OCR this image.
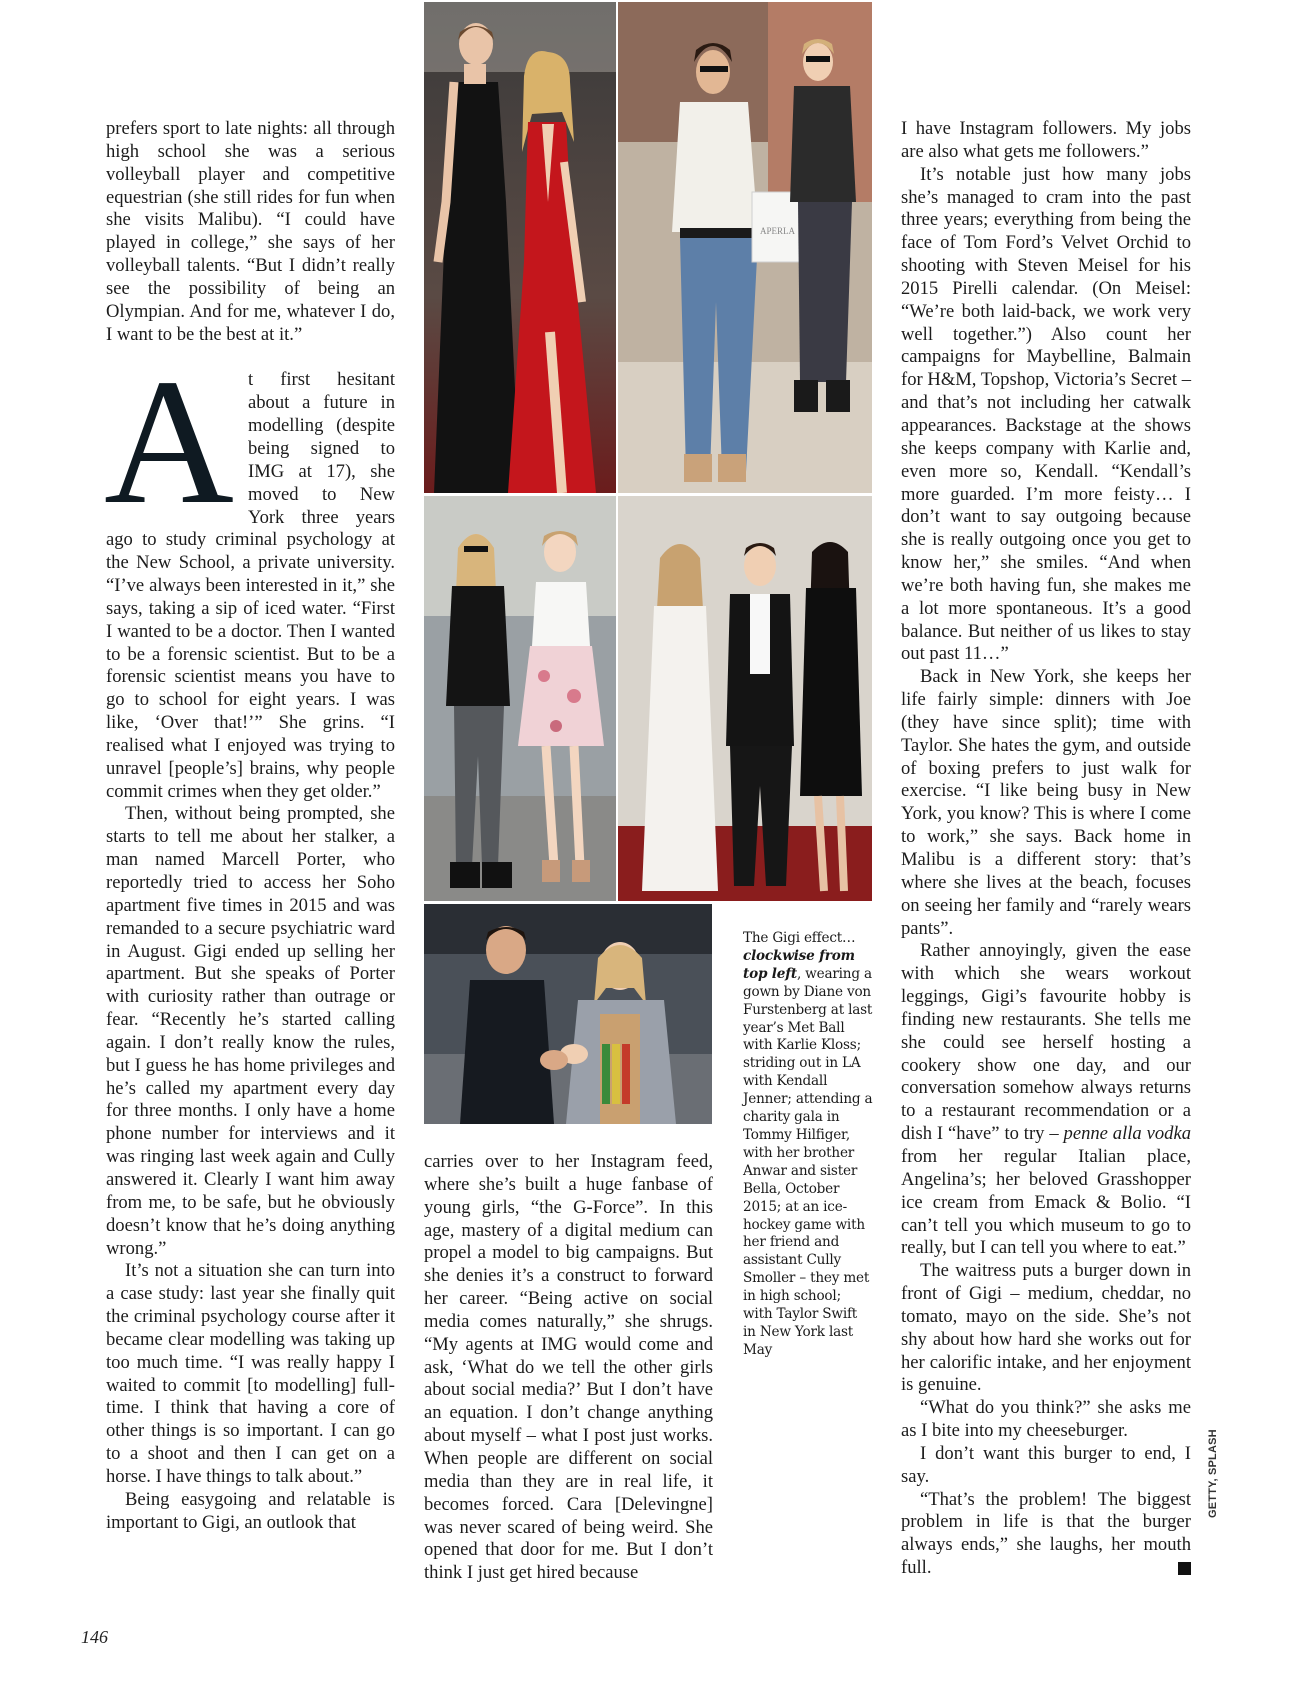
prefers sport to late nights: all through high school she was a serious volleyball player and competitive equestrian (she still rides for fun when she visits Malibu). “I could have played in college,” she says of her volleyball talents. “But I didn’t really see the possibility of being an Olympian. And for me, whatever I do, I want to be the best at it.”

At first hesitant about a future in modelling (despite being signed to IMG at 17), she moved to New York three years ago to study criminal psychology at the New School, a private university. “I’ve always been interested in it,” she says, taking a sip of iced water. “First I wanted to be a doctor. Then I wanted to be a forensic scientist. But to be a forensic scientist means you have to go to school for eight years. I was like, ‘Over that!’” She grins. “I realised what I enjoyed was trying to unravel [people’s] brains, why people commit crimes when they get older.”

Then, without being prompted, she starts to tell me about her stalker, a man named Marcell Porter, who reportedly tried to access her Soho apartment five times in 2015 and was remanded to a secure psychiatric ward in August. Gigi ended up selling her apartment. But she speaks of Porter with curiosity rather than outrage or fear. “Recently he’s started calling again. I don’t really know the rules, but I guess he has home privileges and he’s called my apartment every day for three months. I only have a home phone number for interviews and it was ringing last week again and Cully answered it. Clearly I want him away from me, to be safe, but he obviously doesn’t know that he’s doing anything wrong.”

It’s not a situation she can turn into a case study: last year she finally quit the criminal psychology course after it became clear modelling was taking up too much time. “I was really happy I waited to commit [to modelling] full-time. I think that having a core of other things is so important. I can go to a shoot and then I can get on a horse. I have things to talk about.”

Being easygoing and relatable is important to Gigi, an outlook that

APERLA
The Gigi effect… clockwise from top left, wearing a gown by Diane von Furstenberg at last year’s Met Ball with Karlie Kloss; striding out in LA with Kendall Jenner; attending a charity gala in Tommy Hilfiger, with her brother Anwar and sister Bella, October 2015; at an ice-hockey game with her friend and assistant Cully Smoller – they met in high school; with Taylor Swift in New York last May

carries over to her Instagram feed, where she’s built a huge fanbase of young girls, “the G-Force”. In this age, mastery of a digital medium can propel a model to big campaigns. But she denies it’s a construct to forward her career. “Being active on social media comes naturally,” she shrugs. “My agents at IMG would come and ask, ‘What do we tell the other girls about social media?’ But I don’t have an equation. I don’t change anything about myself – what I post just works. When people are different on social media than they are in real life, it becomes forced. Cara [Delevingne] was never scared of being weird. She opened that door for me. But I don’t think I just get hired because

I have Instagram followers. My jobs are also what gets me followers.”

It’s notable just how many jobs she’s managed to cram into the past three years; everything from being the face of Tom Ford’s Velvet Orchid to shooting with Steven Meisel for his 2015 Pirelli calendar. (On Meisel: “We’re both laid-back, we work very well together.”) Also count her campaigns for Maybelline, Balmain for H&M, Topshop, Victoria’s Secret – and that’s not including her catwalk appearances. Backstage at the shows she keeps company with Karlie and, even more so, Kendall. “Kendall’s more guarded. I’m more feisty… I don’t want to say outgoing because she is really outgoing once you get to know her,” she smiles. “And when we’re both having fun, she makes me a lot more spontaneous. It’s a good balance. But neither of us likes to stay out past 11…”

Back in New York, she keeps her life fairly simple: dinners with Joe (they have since split); time with Taylor. She hates the gym, and outside of boxing prefers to just walk for exercise. “I like being busy in New York, you know? This is where I come to work,” she says. Back home in Malibu is a different story: that’s where she lives at the beach, focuses on seeing her family and “rarely wears pants”.

Rather annoyingly, given the ease with which she wears workout leggings, Gigi’s favourite hobby is finding new restaurants. She tells me she could see herself hosting a cookery show one day, and our conversation somehow always returns to a restaurant recommendation or a dish I “have” to try – penne alla vodka from her regular Italian place, Angelina’s; her beloved Grasshopper ice cream from Emack & Bolio. “I can’t tell you which museum to go to really, but I can tell you where to eat.”

The waitress puts a burger down in front of Gigi – medium, cheddar, no tomato, mayo on the side. She’s not shy about how hard she works out for her calorific intake, and her enjoyment is genuine.

“What do you think?” she asks me as I bite into my cheeseburger.

I don’t want this burger to end, I say.

“That’s the problem! The biggest problem in life is that the burger always ends,” she laughs, her mouth full.

146
GETTY, SPLASH
